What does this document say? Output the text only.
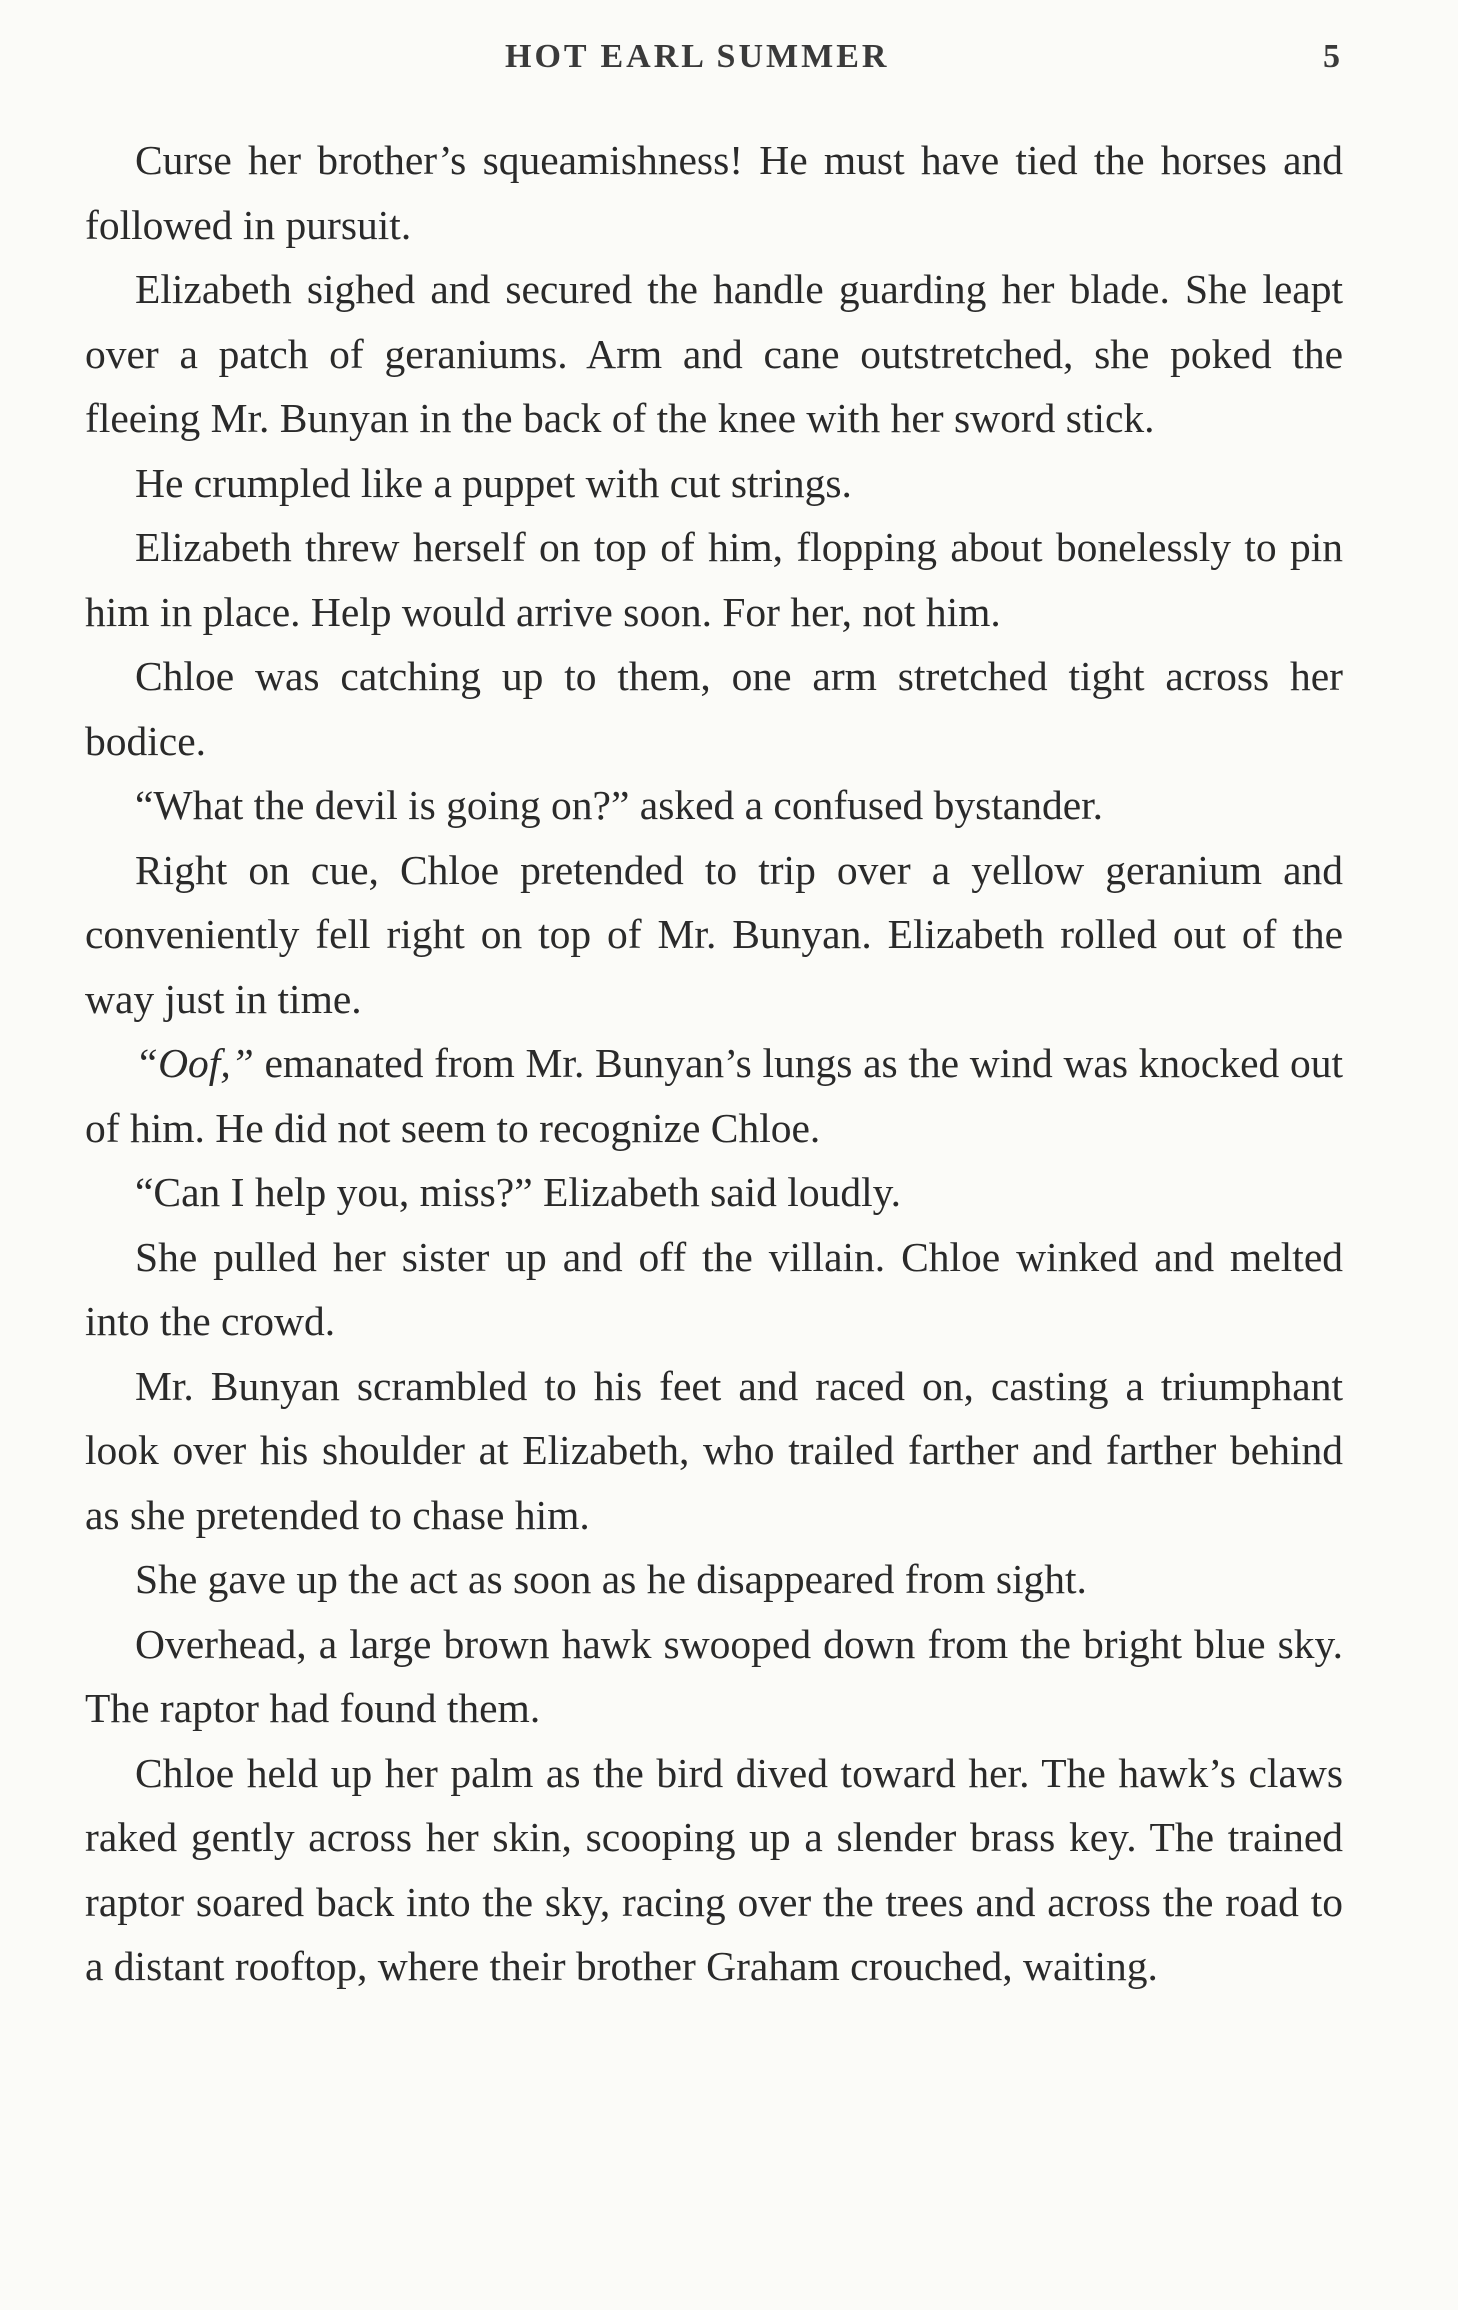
HOT EARL SUMMER	5

Curse her brother’s squeamishness! He must have tied the horses and followed in pursuit.

Elizabeth sighed and secured the handle guarding her blade. She leapt over a patch of geraniums. Arm and cane outstretched, she poked the fleeing Mr. Bunyan in the back of the knee with her sword stick.

He crumpled like a puppet with cut strings.

Elizabeth threw herself on top of him, flopping about bonelessly to pin him in place. Help would arrive soon. For her, not him.

Chloe was catching up to them, one arm stretched tight across her bodice.

“What the devil is going on?” asked a confused bystander.

Right on cue, Chloe pretended to trip over a yellow geranium and conveniently fell right on top of Mr. Bunyan. Elizabeth rolled out of the way just in time.

“Oof,” emanated from Mr. Bunyan’s lungs as the wind was knocked out of him. He did not seem to recognize Chloe.

“Can I help you, miss?” Elizabeth said loudly.

She pulled her sister up and off the villain. Chloe winked and melted into the crowd.

Mr. Bunyan scrambled to his feet and raced on, casting a triumphant look over his shoulder at Elizabeth, who trailed farther and farther behind as she pretended to chase him.

She gave up the act as soon as he disappeared from sight.

Overhead, a large brown hawk swooped down from the bright blue sky. The raptor had found them.

Chloe held up her palm as the bird dived toward her. The hawk’s claws raked gently across her skin, scooping up a slender brass key. The trained raptor soared back into the sky, racing over the trees and across the road to a distant rooftop, where their brother Graham crouched, waiting.
